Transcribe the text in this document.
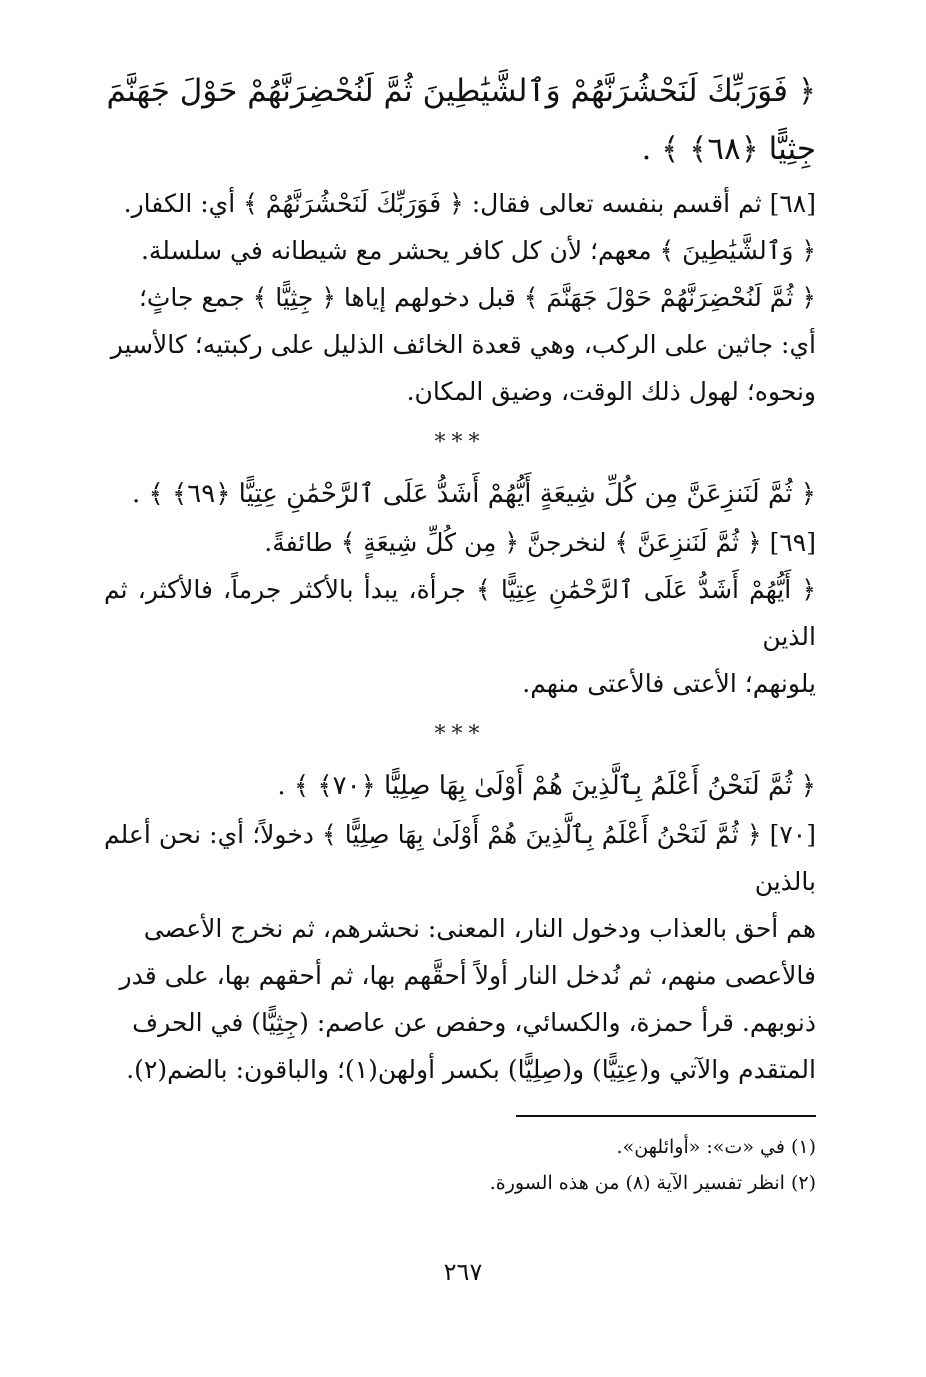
﴿ فَوَرَبِّكَ لَنَحْشُرَنَّهُمْ وَٱلشَّيَٰطِينَ ثُمَّ لَنُحْضِرَنَّهُمْ حَوْلَ جَهَنَّمَ

جِثِيًّا ﴿٦٨﴾ ﴾ .

[٦٨] ثم أقسم بنفسه تعالى فقال: ﴿ فَوَرَبِّكَ لَنَحْشُرَنَّهُمْ ﴾ أي: الكفار.

﴿ وَٱلشَّيَٰطِينَ ﴾ معهم؛ لأن كل كافر يحشر مع شيطانه في سلسلة.

﴿ ثُمَّ لَنُحْضِرَنَّهُمْ حَوْلَ جَهَنَّمَ ﴾ قبل دخولهم إياها ﴿ جِثِيًّا ﴾ جمع جاثٍ؛

أي: جاثين على الركب، وهي قعدة الخائف الذليل على ركبتيه؛ كالأسير

ونحوه؛ لهول ذلك الوقت، وضيق المكان.

***

﴿ ثُمَّ لَنَنزِعَنَّ مِن كُلِّ شِيعَةٍ أَيُّهُمْ أَشَدُّ عَلَى ٱلرَّحْمَٰنِ عِتِيًّا ﴿٦٩﴾ ﴾ .

[٦٩] ﴿ ثُمَّ لَنَنزِعَنَّ ﴾ لنخرجنَّ ﴿ مِن كُلِّ شِيعَةٍ ﴾ طائفةً.

﴿ أَيُّهُمْ أَشَدُّ عَلَى ٱلرَّحْمَٰنِ عِتِيًّا ﴾ جرأة، يبدأ بالأكثر جرماً، فالأكثر، ثم الذين

يلونهم؛ الأعتى فالأعتى منهم.

***

﴿ ثُمَّ لَنَحْنُ أَعْلَمُ بِٱلَّذِينَ هُمْ أَوْلَىٰ بِهَا صِلِيًّا ﴿٧٠﴾ ﴾ .

[٧٠] ﴿ ثُمَّ لَنَحْنُ أَعْلَمُ بِٱلَّذِينَ هُمْ أَوْلَىٰ بِهَا صِلِيًّا ﴾ دخولاً؛ أي: نحن أعلم بالذين

هم أحق بالعذاب ودخول النار، المعنى: نحشرهم، ثم نخرج الأعصى

فالأعصى منهم، ثم نُدخل النار أولاً أحقَّهم بها، ثم أحقهم بها، على قدر

ذنوبهم. قرأ حمزة، والكسائي، وحفص عن عاصم: (جِثِيًّا) في الحرف

المتقدم والآتي و(عِتِيًّا) و(صِلِيًّا) بكسر أولهن(١)؛ والباقون: بالضم(٢).

(١) في «ت»: «أوائلهن».

(٢) انظر تفسير الآية (٨) من هذه السورة.

٢٦٧
